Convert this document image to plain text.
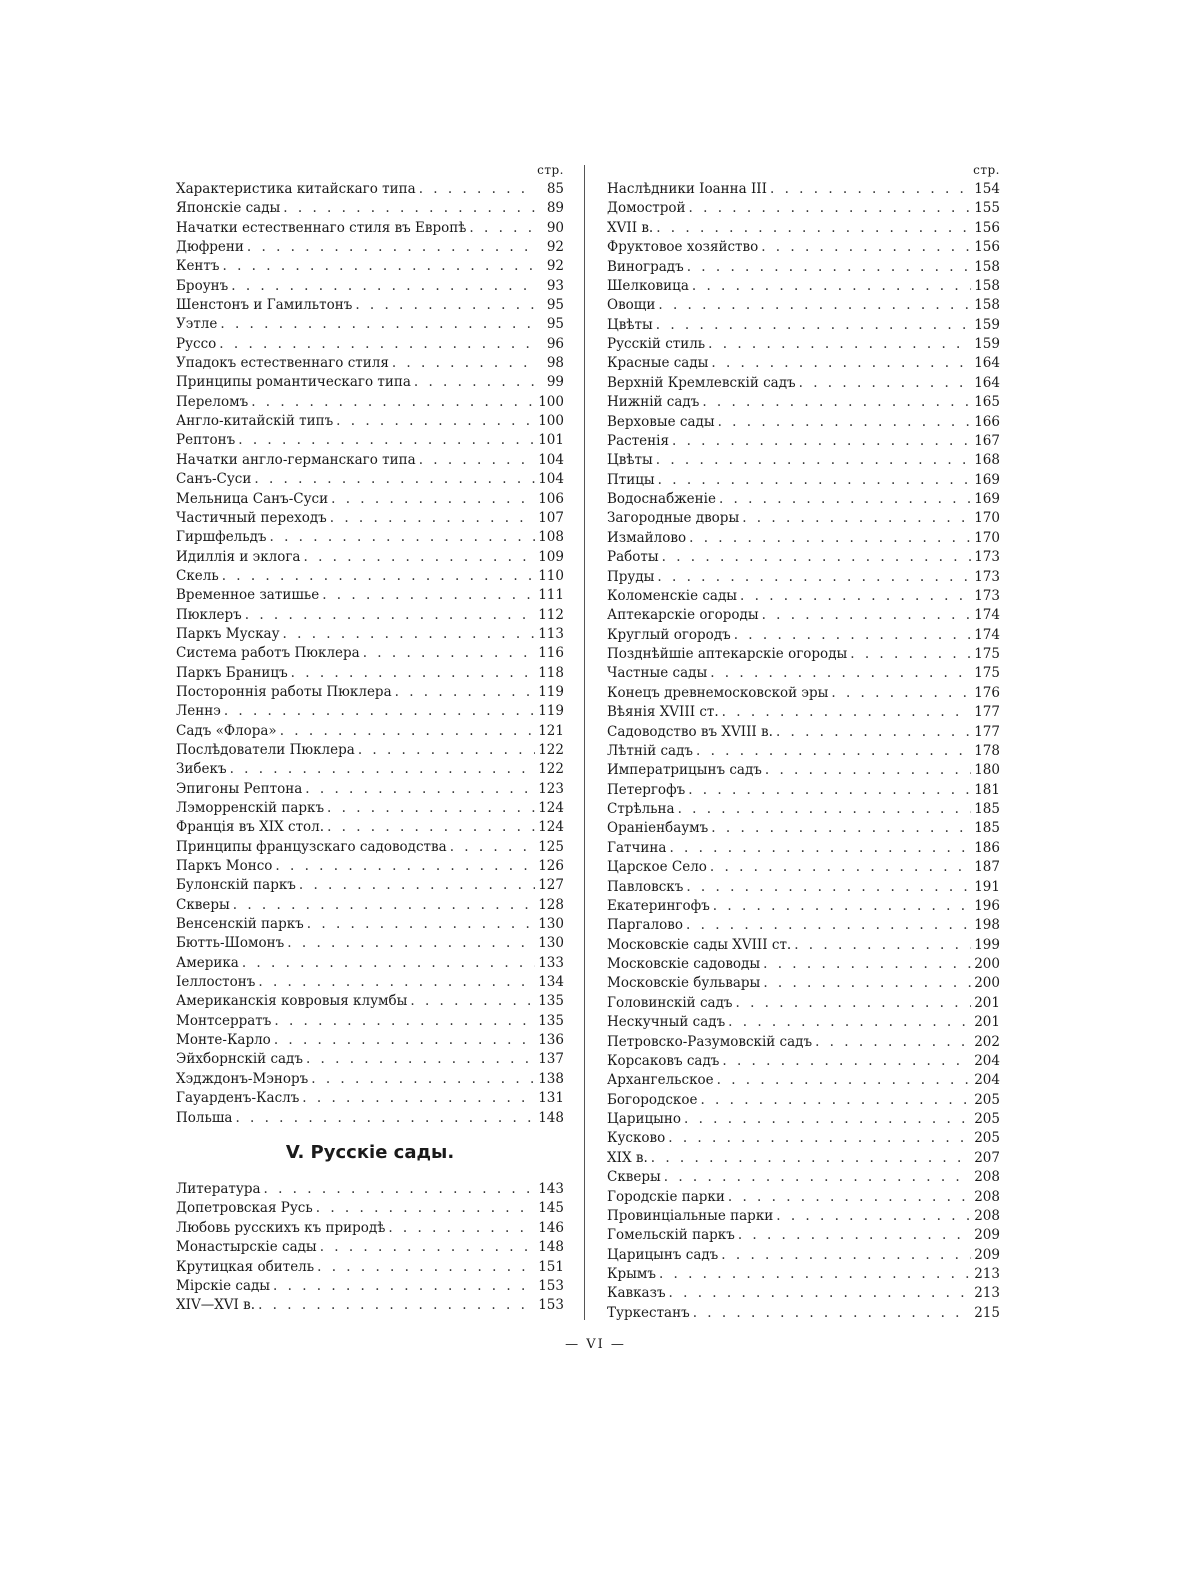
стр.
Характеристика китайскаго типа . . .	85
Японскіе сады . . .	89
Начатки естественнаго стиля въ Европѣ . . .	90
Дюфрени . . .	92
Кентъ . . .	92
Броунъ . . .	93
Шенстонъ и Гамильтонъ . . .	95
Уэтле . . .	95
Руссо . . .	96
Упадокъ естественнаго стиля . . .	98
Принципы романтическаго типа . . .	99
Переломъ . . .	100
Англо-китайскій типъ . . .	100
Рептонъ . . .	101
Начатки англо-германскаго типа . . .	104
Санъ-Суси . . .	104
Мельница Санъ-Суси . . .	106
Частичный переходъ . . .	107
Гиршфельдъ . . .	108
Идиллія и эклога . . .	109
Скель . . .	110
Временное затишье . . .	111
Пюклеръ . . .	112
Паркъ Мускау . . .	113
Система работъ Пюклера . . .	116
Паркъ Браницъ . . .	118
Постороннія работы Пюклера . . .	119
Леннэ . . .	119
Садъ «Флора» . . .	121
Послѣдователи Пюклера . . .	122
Зибекъ . . .	122
Эпигоны Рептона . . .	123
Лэморренскій паркъ . . .	124
Франція въ XIX стол. . . .	124
Принципы французскаго садоводства . . .	125
Паркъ Монсо . . .	126
Булонскій паркъ . . .	127
Скверы . . .	128
Венсенскій паркъ . . .	130
Бютть-Шомонъ . . .	130
Америка . . .	133
Іеллостонъ . . .	134
Американскія ковровыя клумбы . . .	135
Монтсерратъ . . .	135
Монте-Карло . . .	136
Эйхборнскій садъ . . .	137
Хэдждонъ-Мэноръ . . .	138
Гауарденъ-Каслъ . . .	131
Польша . . .	148
V. Русскіе сады.
Литература . . .	143
Допетровская Русь . . .	145
Любовь русскихъ къ природѣ . . .	146
Монастырскіе сады . . .	148
Крутицкая обитель . . .	151
Мірскіе сады . . .	153
XIV—XVI в. . . .	153
стр.
Наслѣдники Іоанна III . . .	154
Домострой . . .	155
XVII в. . . .	156
Фруктовое хозяйство . . .	156
Виноградъ . . .	158
Шелковица . . .	158
Овощи . . .	158
Цвѣты . . .	159
Русскій стиль . . .	159
Красные сады . . .	164
Верхній Кремлевскій садъ . . .	164
Нижній садъ . . .	165
Верховые сады . . .	166
Растенія . . .	167
Цвѣты . . .	168
Птицы . . .	169
Водоснабженіе . . .	169
Загородные дворы . . .	170
Измайлово . . .	170
Работы . . .	173
Пруды . . .	173
Коломенскіе сады . . .	173
Аптекарскіе огороды . . .	174
Круглый огородъ . . .	174
Позднѣйшіе аптекарскіе огороды . . .	175
Частные сады . . .	175
Конецъ древнемосковской эры . . .	176
Вѣянія XVIII ст. . . .	177
Садоводство въ XVIII в. . . .	177
Лѣтній садъ . . .	178
Императрицынъ садъ . . .	180
Петергофъ . . .	181
Стрѣльна . . .	185
Ораніенбаумъ . . .	185
Гатчина . . .	186
Царское Село . . .	187
Павловскъ . . .	191
Екатерингофъ . . .	196
Паргалово . . .	198
Московскіе сады XVIII ст. . . .	199
Московскіе садоводы . . .	200
Московскіе бульвары . . .	200
Головинскій садъ . . .	201
Нескучный садъ . . .	201
Петровско-Разумовскій садъ . . .	202
Корсаковъ садъ . . .	204
Архангельское . . .	204
Богородское . . .	205
Царицыно . . .	205
Кусково . . .	205
XIX в. . . .	207
Скверы . . .	208
Городскіе парки . . .	208
Провинціальные парки . . .	208
Гомельскій паркъ . . .	209
Царицынъ садъ . . .	209
Крымъ . . .	213
Кавказъ . . .	213
Туркестанъ . . .	215
— VI —
